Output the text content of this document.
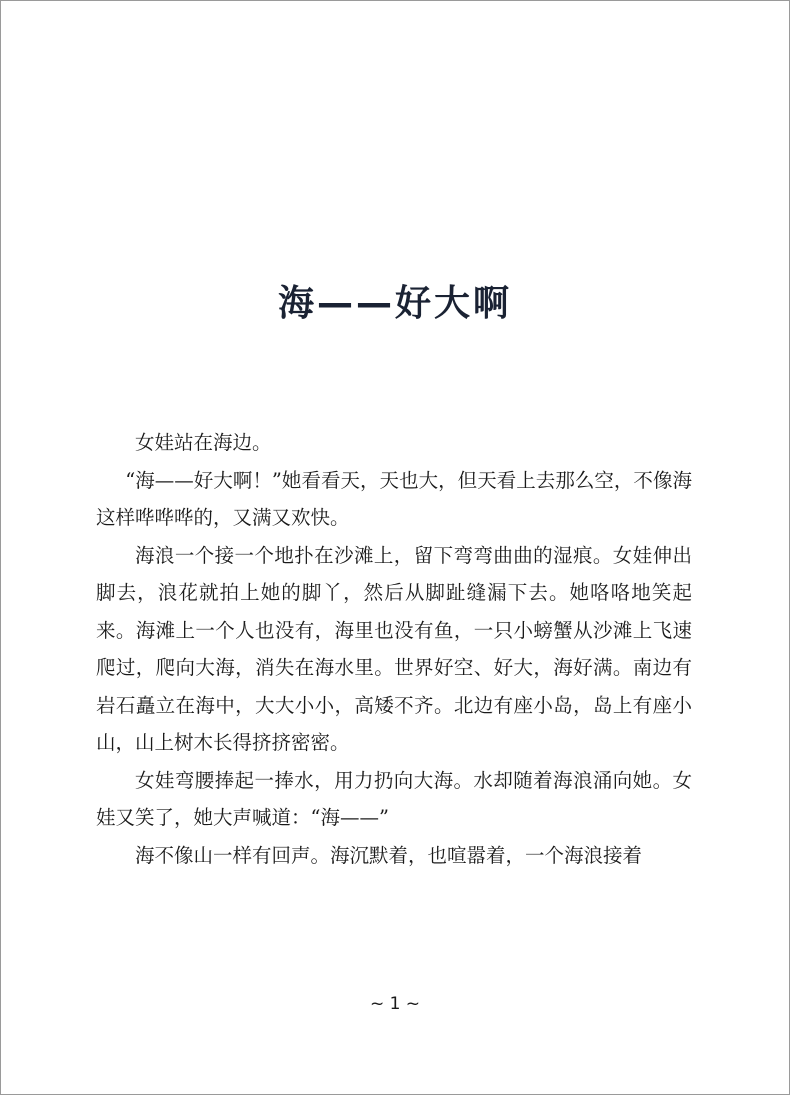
海——好大啊

女娃站在海边。

“海——好大啊！”她看看天，天也大，但天看上去那么空，不像海这样哗哗哗的，又满又欢快。

海浪一个接一个地扑在沙滩上，留下弯弯曲曲的湿痕。女娃伸出脚去，浪花就拍上她的脚丫，然后从脚趾缝漏下去。她咯咯地笑起来。海滩上一个人也没有，海里也没有鱼，一只小螃蟹从沙滩上飞速爬过，爬向大海，消失在海水里。世界好空、好大，海好满。南边有岩石矗立在海中，大大小小，高矮不齐。北边有座小岛，岛上有座小山，山上树木长得挤挤密密。

女娃弯腰捧起一捧水，用力扔向大海。水却随着海浪涌向她。女娃又笑了，她大声喊道：“海——”

海不像山一样有回声。海沉默着，也喧嚣着，一个海浪接着

~ 1 ~
